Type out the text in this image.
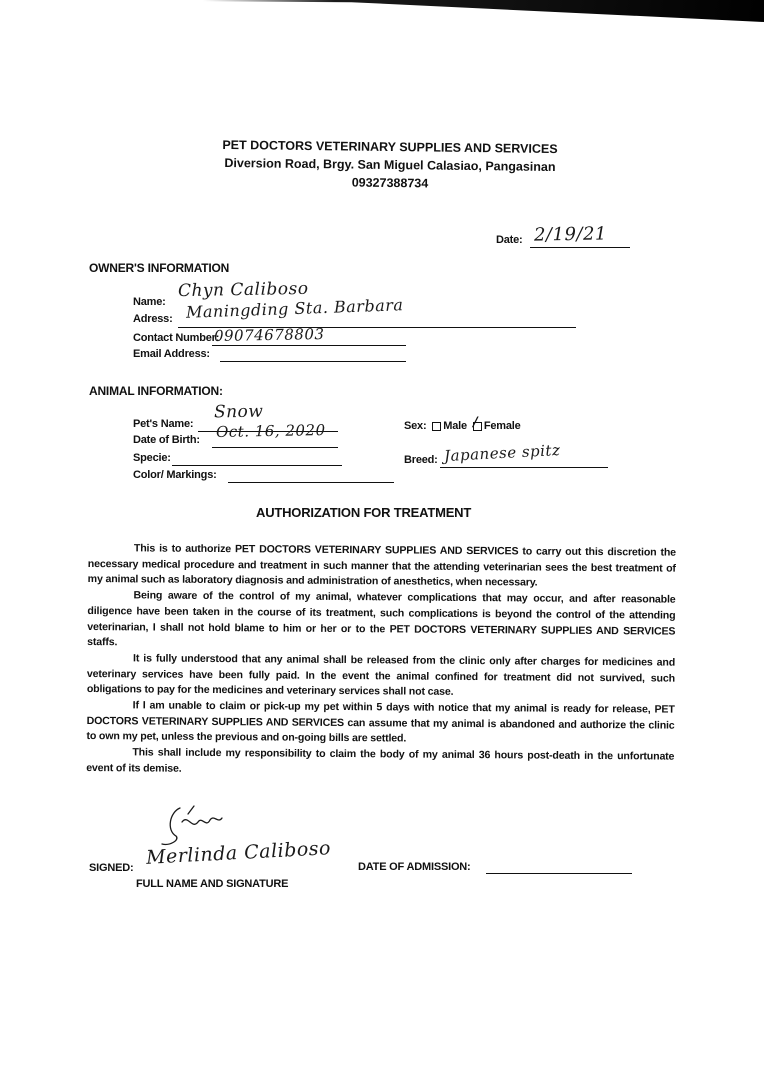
PET DOCTORS VETERINARY SUPPLIES AND SERVICES
Diversion Road, Brgy. San Miguel Calasiao, Pangasinan
09327388734
Date: 2/19/21
OWNER'S INFORMATION
Name:
Chyn Caliboso
Adress: Maningding Sta. Barbara
Contact Number:
09074678803
Email Address:
ANIMAL INFORMATION:
Pet's Name:
Snow
Date of Birth: Oct. 16, 2020
Specie:
Color/ Markings:
Sex: Male / Female
Breed: Japanese spitz
AUTHORIZATION FOR TREATMENT

This is to authorize PET DOCTORS VETERINARY SUPPLIES AND SERVICES to carry out this discretion the necessary medical procedure and treatment in such manner that the attending veterinarian sees the best treatment of my animal such as laboratory diagnosis and administration of anesthetics, when necessary.

Being aware of the control of my animal, whatever complications that may occur, and after reasonable diligence have been taken in the course of its treatment, such complications is beyond the control of the attending veterinarian, I shall not hold blame to him or her or to the PET DOCTORS VETERINARY SUPPLIES AND SERVICES staffs.

It is fully understood that any animal shall be released from the clinic only after charges for medicines and veterinary services have been fully paid. In the event the animal confined for treatment did not survived, such obligations to pay for the medicines and veterinary services shall not case.

If I am unable to claim or pick-up my pet within 5 days with notice that my animal is ready for release, PET DOCTORS VETERINARY SUPPLIES AND SERVICES can assume that my animal is abandoned and authorize the clinic to own my pet, unless the previous and on-going bills are settled.

This shall include my responsibility to claim the body of my animal 36 hours post-death in the unfortunate event of its demise.

SIGNED: Merlinda Caliboso
FULL NAME AND SIGNATURE
DATE OF ADMISSION:
